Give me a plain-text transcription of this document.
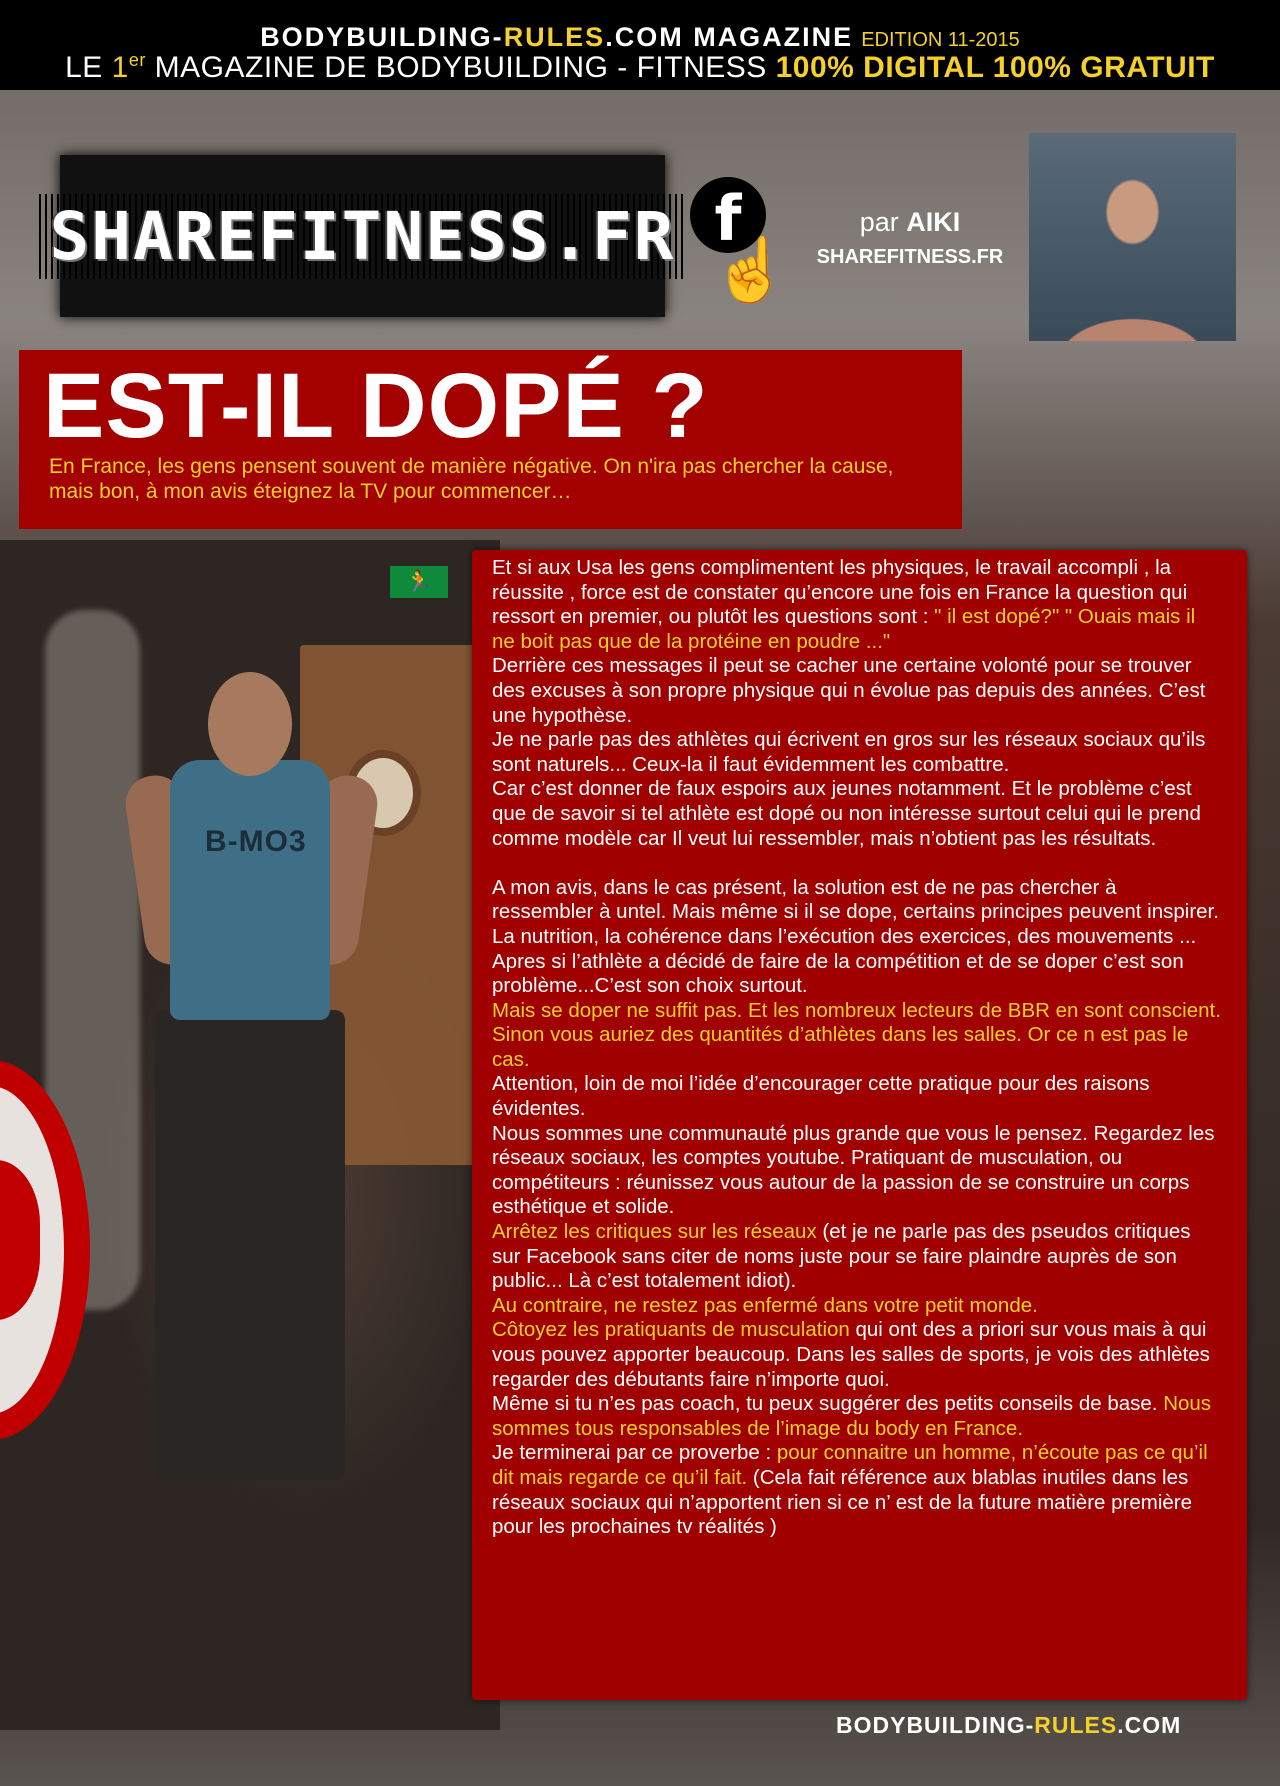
BODYBUILDING-RULES.COM MAGAZINE EDITION 11-2015
LE 1er MAGAZINE DE BODYBUILDING - FITNESS 100% DIGITAL 100% GRATUIT
SHAREFITNESS.FR f
☝
par AIKI
SHAREFITNESS.FR
EST-IL DOPÉ ?
En France, les gens pensent souvent de manière négative. On n'ira pas chercher la cause, mais bon, à mon avis éteignez la TV pour commencer…
🏃
B-MO3

Et si aux Usa les gens complimentent les physiques, le travail accompli , la réussite , force est de constater qu’encore une fois en France la question qui ressort en premier, ou plutôt les questions sont : " il est dopé?" " Ouais mais il ne boit pas que de la protéine en poudre ..."

Derrière ces messages il peut se cacher une certaine volonté pour se trouver des excuses à son propre physique qui n évolue pas depuis des années. C’est une hypothèse.

Je ne parle pas des athlètes qui écrivent en gros sur les réseaux sociaux qu’ils sont naturels... Ceux-la il faut évidemment les combattre.

Car c’est donner de faux espoirs aux jeunes notamment. Et le problème c’est que de savoir si tel athlète est dopé ou non intéresse surtout celui qui le prend comme modèle car Il veut lui ressembler, mais n’obtient pas les résultats.

A mon avis, dans le cas présent, la solution est de ne pas chercher à ressembler à untel. Mais même si il se dope, certains principes peuvent inspirer. La nutrition, la cohérence dans l’exécution des exercices, des mouvements ...

Apres si l’athlète a décidé de faire de la compétition et de se doper c’est son problème...C’est son choix surtout.

Mais se doper ne suffit pas. Et les nombreux lecteurs de BBR en sont conscient. Sinon vous auriez des quantités d’athlètes dans les salles. Or ce n est pas le cas.

Attention, loin de moi l’idée d’encourager cette pratique pour des raisons évidentes.

Nous sommes une communauté plus grande que vous le pensez. Regardez les réseaux sociaux, les comptes youtube. Pratiquant de musculation, ou compétiteurs : réunissez vous autour de la passion de se construire un corps esthétique et solide.

Arrêtez les critiques sur les réseaux (et je ne parle pas des pseudos critiques sur Facebook sans citer de noms juste pour se faire plaindre auprès de son public... Là c’est totalement idiot).

Au contraire, ne restez pas enfermé dans votre petit monde.

Côtoyez les pratiquants de musculation qui ont des a priori sur vous mais à qui vous pouvez apporter beaucoup. Dans les salles de sports, je vois des athlètes regarder des débutants faire n’importe quoi.

Même si tu n’es pas coach, tu peux suggérer des petits conseils de base. Nous sommes tous responsables de l’image du body en France.

Je terminerai par ce proverbe : pour connaitre un homme, n’écoute pas ce qu’il dit mais regarde ce qu’il fait. (Cela fait référence aux blablas inutiles dans les réseaux sociaux qui n’apportent rien si ce n’ est de la future matière première pour les prochaines tv réalités )

BODYBUILDING-RULES.COM
